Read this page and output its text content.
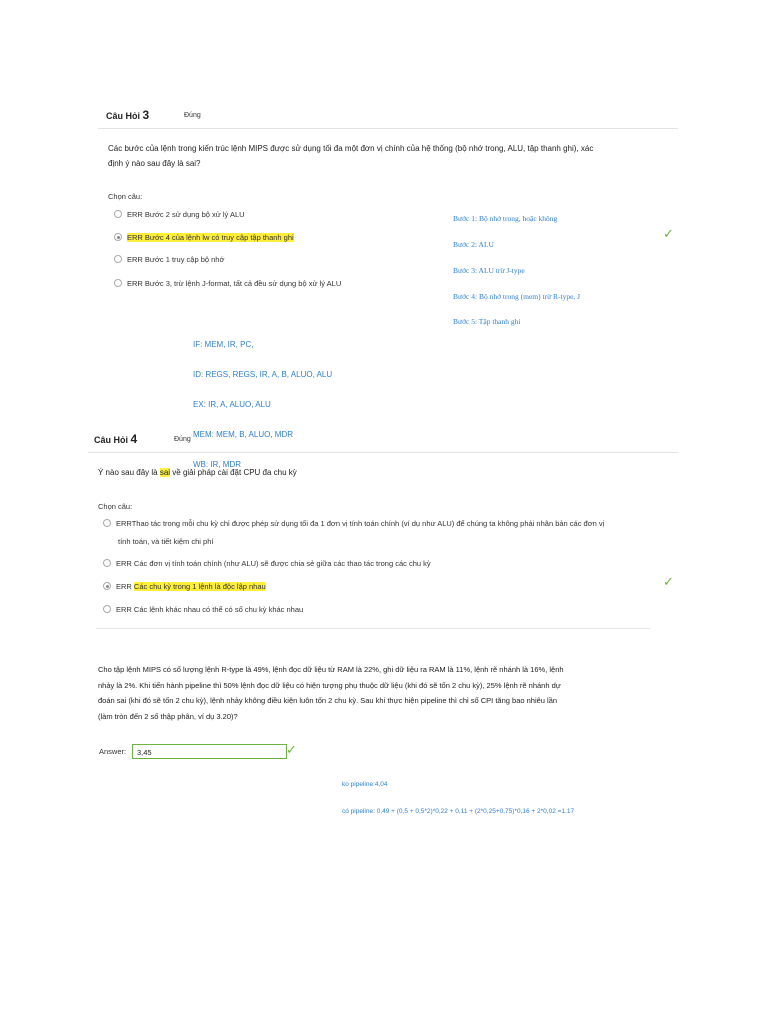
Câu Hỏi 3	Đúng
Các bước của lệnh trong kiến trúc lệnh MIPS được sử dụng tối đa một đơn vị chính của hệ thống (bộ nhớ trong, ALU, tập thanh ghi), xác
định ý nào sau đây là sai?
Chọn câu:
ERR Bước 2 sử dụng bộ xử lý ALU
ERR Bước 4 của lệnh lw có truy cập tập thanh ghi
ERR Bước 1 truy cập bộ nhớ
ERR Bước 3, trừ lệnh J-format, tất cả đều sử dụng bộ xử lý ALU

Bước 1: Bộ nhớ trong, hoặc không

Bước 2: ALU

Bước 3: ALU trừ J-type

Bước 4: Bộ nhớ trong (mem) trừ R-type, J

Bước 5: Tập thanh ghi

✓

IF: MEM, IR, PC,

ID: REGS, REGS, IR, A, B, ALUO, ALU

EX: IR, A, ALUO, ALU

MEM: MEM, B, ALUO, MDR

WB: IR, MDR

Câu Hỏi 4	Đúng
Ý nào sau đây là sai về giải pháp cài đặt CPU đa chu kỳ
Chọn câu:
ERRThao tác trong mỗi chu kỳ chỉ được phép sử dụng tối đa 1 đơn vị tính toán chính (ví dụ như ALU) để chúng ta không phải nhân bản các đơn vị
tính toán, và tiết kiệm chi phí
ERR Các đơn vị tính toán chính (như ALU) sẽ được chia sẻ giữa các thao tác trong các chu kỳ
ERR Các chu kỳ trong 1 lệnh là độc lập nhau
ERR Các lệnh khác nhau có thể có số chu kỳ khác nhau
✓
Cho tập lệnh MIPS có số lượng lệnh R-type là 49%, lệnh đọc dữ liệu từ RAM là 22%, ghi dữ liệu ra RAM là 11%, lệnh rẽ nhánh là 16%, lệnh
nhảy là 2%. Khi tiến hành pipeline thì 50% lệnh đọc dữ liệu có hiện tượng phụ thuộc dữ liệu (khi đó sẽ tốn 2 chu kỳ), 25% lệnh rẽ nhánh dự
đoán sai (khi đó sẽ tốn 2 chu kỳ), lệnh nhảy không điều kiện luôn tốn 2 chu kỳ. Sau khi thực hiện pipeline thì chỉ số CPI tăng bao nhiêu lần
(làm tròn đến 2 số thập phân, ví dụ 3.20)?
Answer:	3,45	✓

ko pipeline:4,04

có pipeline: 0,49 + (0,5 + 0,5*2)*0,22 + 0,11 + (2*0,25+0,75)*0,16 + 2*0,02 =1.17
